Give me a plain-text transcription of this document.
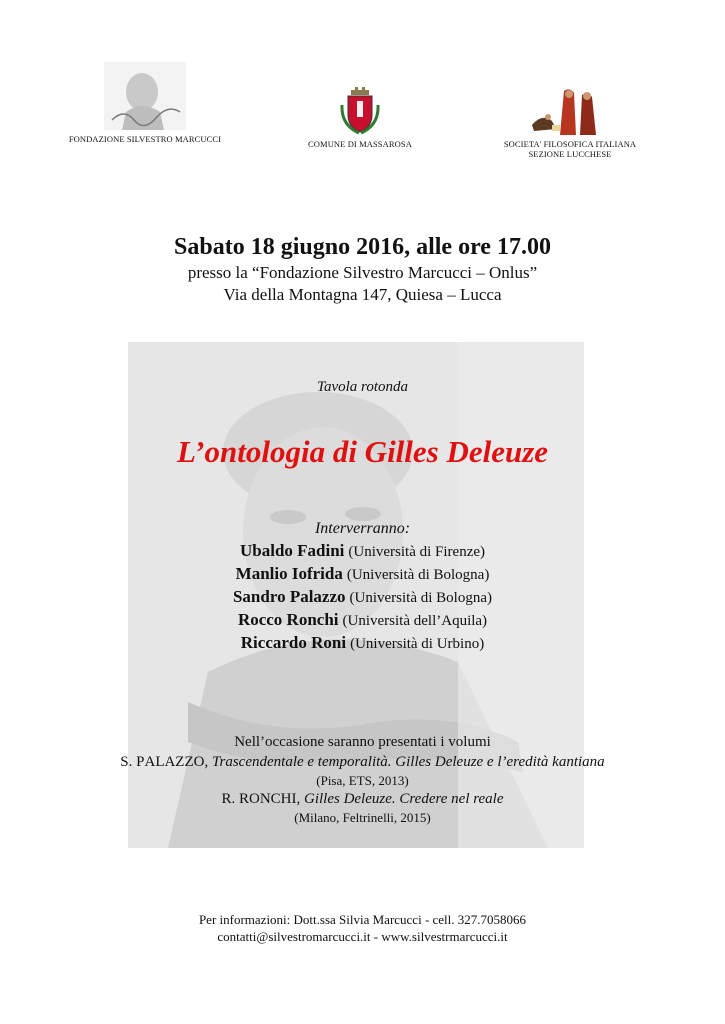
FONDAZIONE SILVESTRO MARCUCCI	COMUNE DI MASSAROSA	SOCIETA' FILOSOFICA ITALIANA
SEZIONE LUCCHESE
Sabato 18 giugno 2016, alle ore 17.00
presso la “Fondazione Silvestro Marcucci – Onlus”
Via della Montagna 147, Quiesa – Lucca
Tavola rotonda
L’ontologia di Gilles Deleuze
Interverranno:
Ubaldo Fadini (Università di Firenze)
Manlio Iofrida (Università di Bologna)
Sandro Palazzo (Università di Bologna)
Rocco Ronchi (Università dell’Aquila)
Riccardo Roni (Università di Urbino)
Nell’occasione saranno presentati i volumi
S. PALAZZO, Trascendentale e temporalità. Gilles Deleuze e l’eredità kantiana
(Pisa, ETS, 2013)
R. RONCHI, Gilles Deleuze. Credere nel reale
(Milano, Feltrinelli, 2015)
Per informazioni: Dott.ssa Silvia Marcucci - cell. 327.7058066
contatti@silvestromarcucci.it - www.silvestrmarcucci.it
